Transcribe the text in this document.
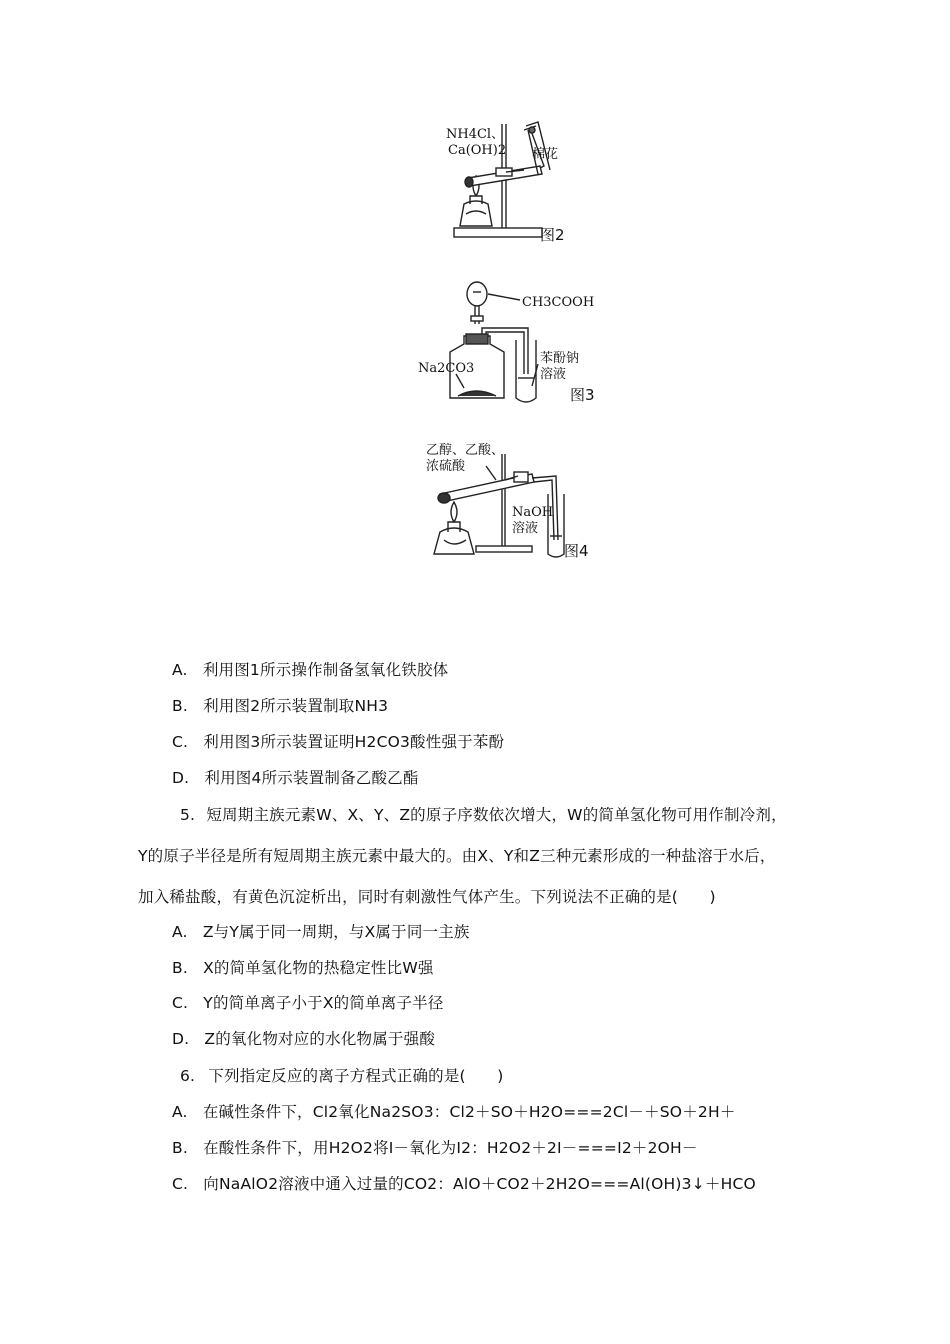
NH4Cl、
Ca(OH)2 棉花
图2
CH3COOH
Na2CO3
苯酚钠
溶液
图3
乙醇、乙酸、
浓硫酸
NaOH
溶液
图4
A. 利用图1所示操作制备氢氧化铁胶体
B. 利用图2所示装置制取NH3
C. 利用图3所示装置证明H2CO3酸性强于苯酚
D. 利用图4所示装置制备乙酸乙酯
5. 短周期主族元素W、X、Y、Z的原子序数依次增大，W的简单氢化物可用作制冷剂，
Y的原子半径是所有短周期主族元素中最大的。由X、Y和Z三种元素形成的一种盐溶于水后，
加入稀盐酸，有黄色沉淀析出，同时有刺激性气体产生。下列说法不正确的是(　　)
A. Z与Y属于同一周期，与X属于同一主族
B. X的简单氢化物的热稳定性比W强
C. Y的简单离子小于X的简单离子半径
D. Z的氧化物对应的水化物属于强酸
6. 下列指定反应的离子方程式正确的是(　　)
A. 在碱性条件下，Cl2氧化Na2SO3：Cl2＋SO＋H2O===2Cl－＋SO＋2H＋
B. 在酸性条件下，用H2O2将I－氧化为I2：H2O2＋2I－===I2＋2OH－
C. 向NaAlO2溶液中通入过量的CO2：AlO＋CO2＋2H2O===Al(OH)3↓＋HCO
